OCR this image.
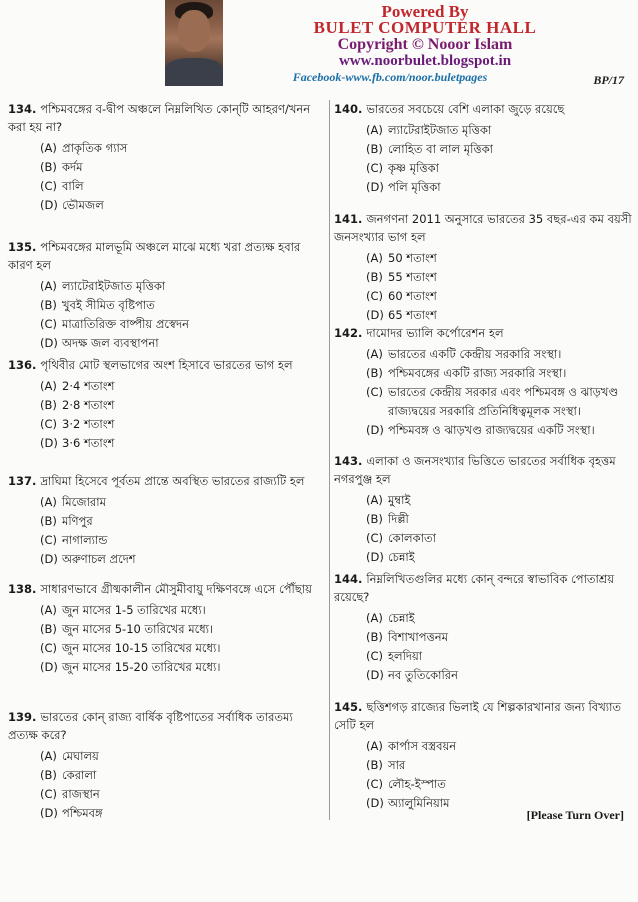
Powered By
BULET COMPUTER HALL
Copyright © Nooor Islam
www.noorbulet.blogspot.in
Facebook-www.fb.com/noor.buletpages	BP/17

134. পশ্চিমবঙ্গের ব-দ্বীপ অঞ্চলে নিম্নলিখিত কোন্‌টি আহরণ/খনন করা হয় না?

(A) প্রাকৃতিক গ্যাস
(B) কর্দম
(C) বালি
(D) ভৌমজল

135. পশ্চিমবঙ্গের মালভূমি অঞ্চলে মাঝে মধ্যে খরা প্রত্যক্ষ হবার কারণ হল

(A) ল্যাটেরাইটজাত মৃত্তিকা
(B) খুবই সীমিত বৃষ্টিপাত
(C) মাত্রাতিরিক্ত বাষ্পীয় প্রস্বেদন
(D) অদক্ষ জল ব্যবস্থাপনা

136. পৃথিবীর মোট স্থলভাগের অংশ হিসাবে ভারতের ভাগ হল

(A) 2·4 শতাংশ
(B) 2·8 শতাংশ
(C) 3·2 শতাংশ
(D) 3·6 শতাংশ

137. দ্রাঘিমা হিসেবে পূর্বতম প্রান্তে অবস্থিত ভারতের রাজ্যটি হল

(A) মিজোরাম
(B) মণিপুর
(C) নাগাল্যান্ড
(D) অরুণাচল প্রদেশ

138. সাধারণভাবে গ্রীষ্মকালীন মৌসুমীবায়ু দক্ষিণবঙ্গে এসে পৌঁছায়

(A) জুন মাসের 1-5 তারিখের মধ্যে।
(B) জুন মাসের 5-10 তারিখের মধ্যে।
(C) জুন মাসের 10-15 তারিখের মধ্যে।
(D) জুন মাসের 15-20 তারিখের মধ্যে।

139. ভারতের কোন্‌ রাজ্য বার্ষিক বৃষ্টিপাতের সর্বাধিক তারতম্য প্রত্যক্ষ করে?

(A) মেঘালয়
(B) কেরালা
(C) রাজস্থান
(D) পশ্চিমবঙ্গ

140. ভারতের সবচেয়ে বেশি এলাকা জুড়ে রয়েছে

(A) ল্যাটেরাইটজাত মৃত্তিকা
(B) লোহিত বা লাল মৃত্তিকা
(C) কৃষ্ণ মৃত্তিকা
(D) পলি মৃত্তিকা

141. জনগণনা 2011 অনুসারে ভারতের 35 বছর-এর কম বয়সী জনসংখ্যার ভাগ হল

(A) 50 শতাংশ
(B) 55 শতাংশ
(C) 60 শতাংশ
(D) 65 শতাংশ

142. দামোদর ভ্যালি কর্পোরেশন হল

(A) ভারতের একটি কেন্দ্রীয় সরকারি সংস্থা।
(B) পশ্চিমবঙ্গের একটি রাজ্য সরকারি সংস্থা।
(C) ভারতের কেন্দ্রীয় সরকার এবং পশ্চিমবঙ্গ ও ঝাড়খণ্ড রাজ্যদ্বয়ের সরকারি প্রতিনিধিত্বমূলক সংস্থা।
(D) পশ্চিমবঙ্গ ও ঝাড়খণ্ড রাজ্যদ্বয়ের একটি সংস্থা।

143. এলাকা ও জনসংখ্যার ভিত্তিতে ভারতের সর্বাধিক বৃহত্তম নগরপুঞ্জ হল

(A) মুম্বাই
(B) দিল্লী
(C) কোলকাতা
(D) চেন্নাই

144. নিম্নলিখিতগুলির মধ্যে কোন্‌ বন্দরে স্বাভাবিক পোতাশ্রয় রয়েছে?

(A) চেন্নাই
(B) বিশাখাপত্তনম
(C) হলদিয়া
(D) নব তুতিকোরিন

145. ছত্তিশগড় রাজ্যের ভিলাই যে শিল্পকারখানার জন্য বিখ্যাত সেটি হল

(A) কার্পাস বস্ত্রবয়ন
(B) সার
(C) লৌহ-ইস্পাত
(D) অ্যালুমিনিয়াম
[Please Turn Over]
